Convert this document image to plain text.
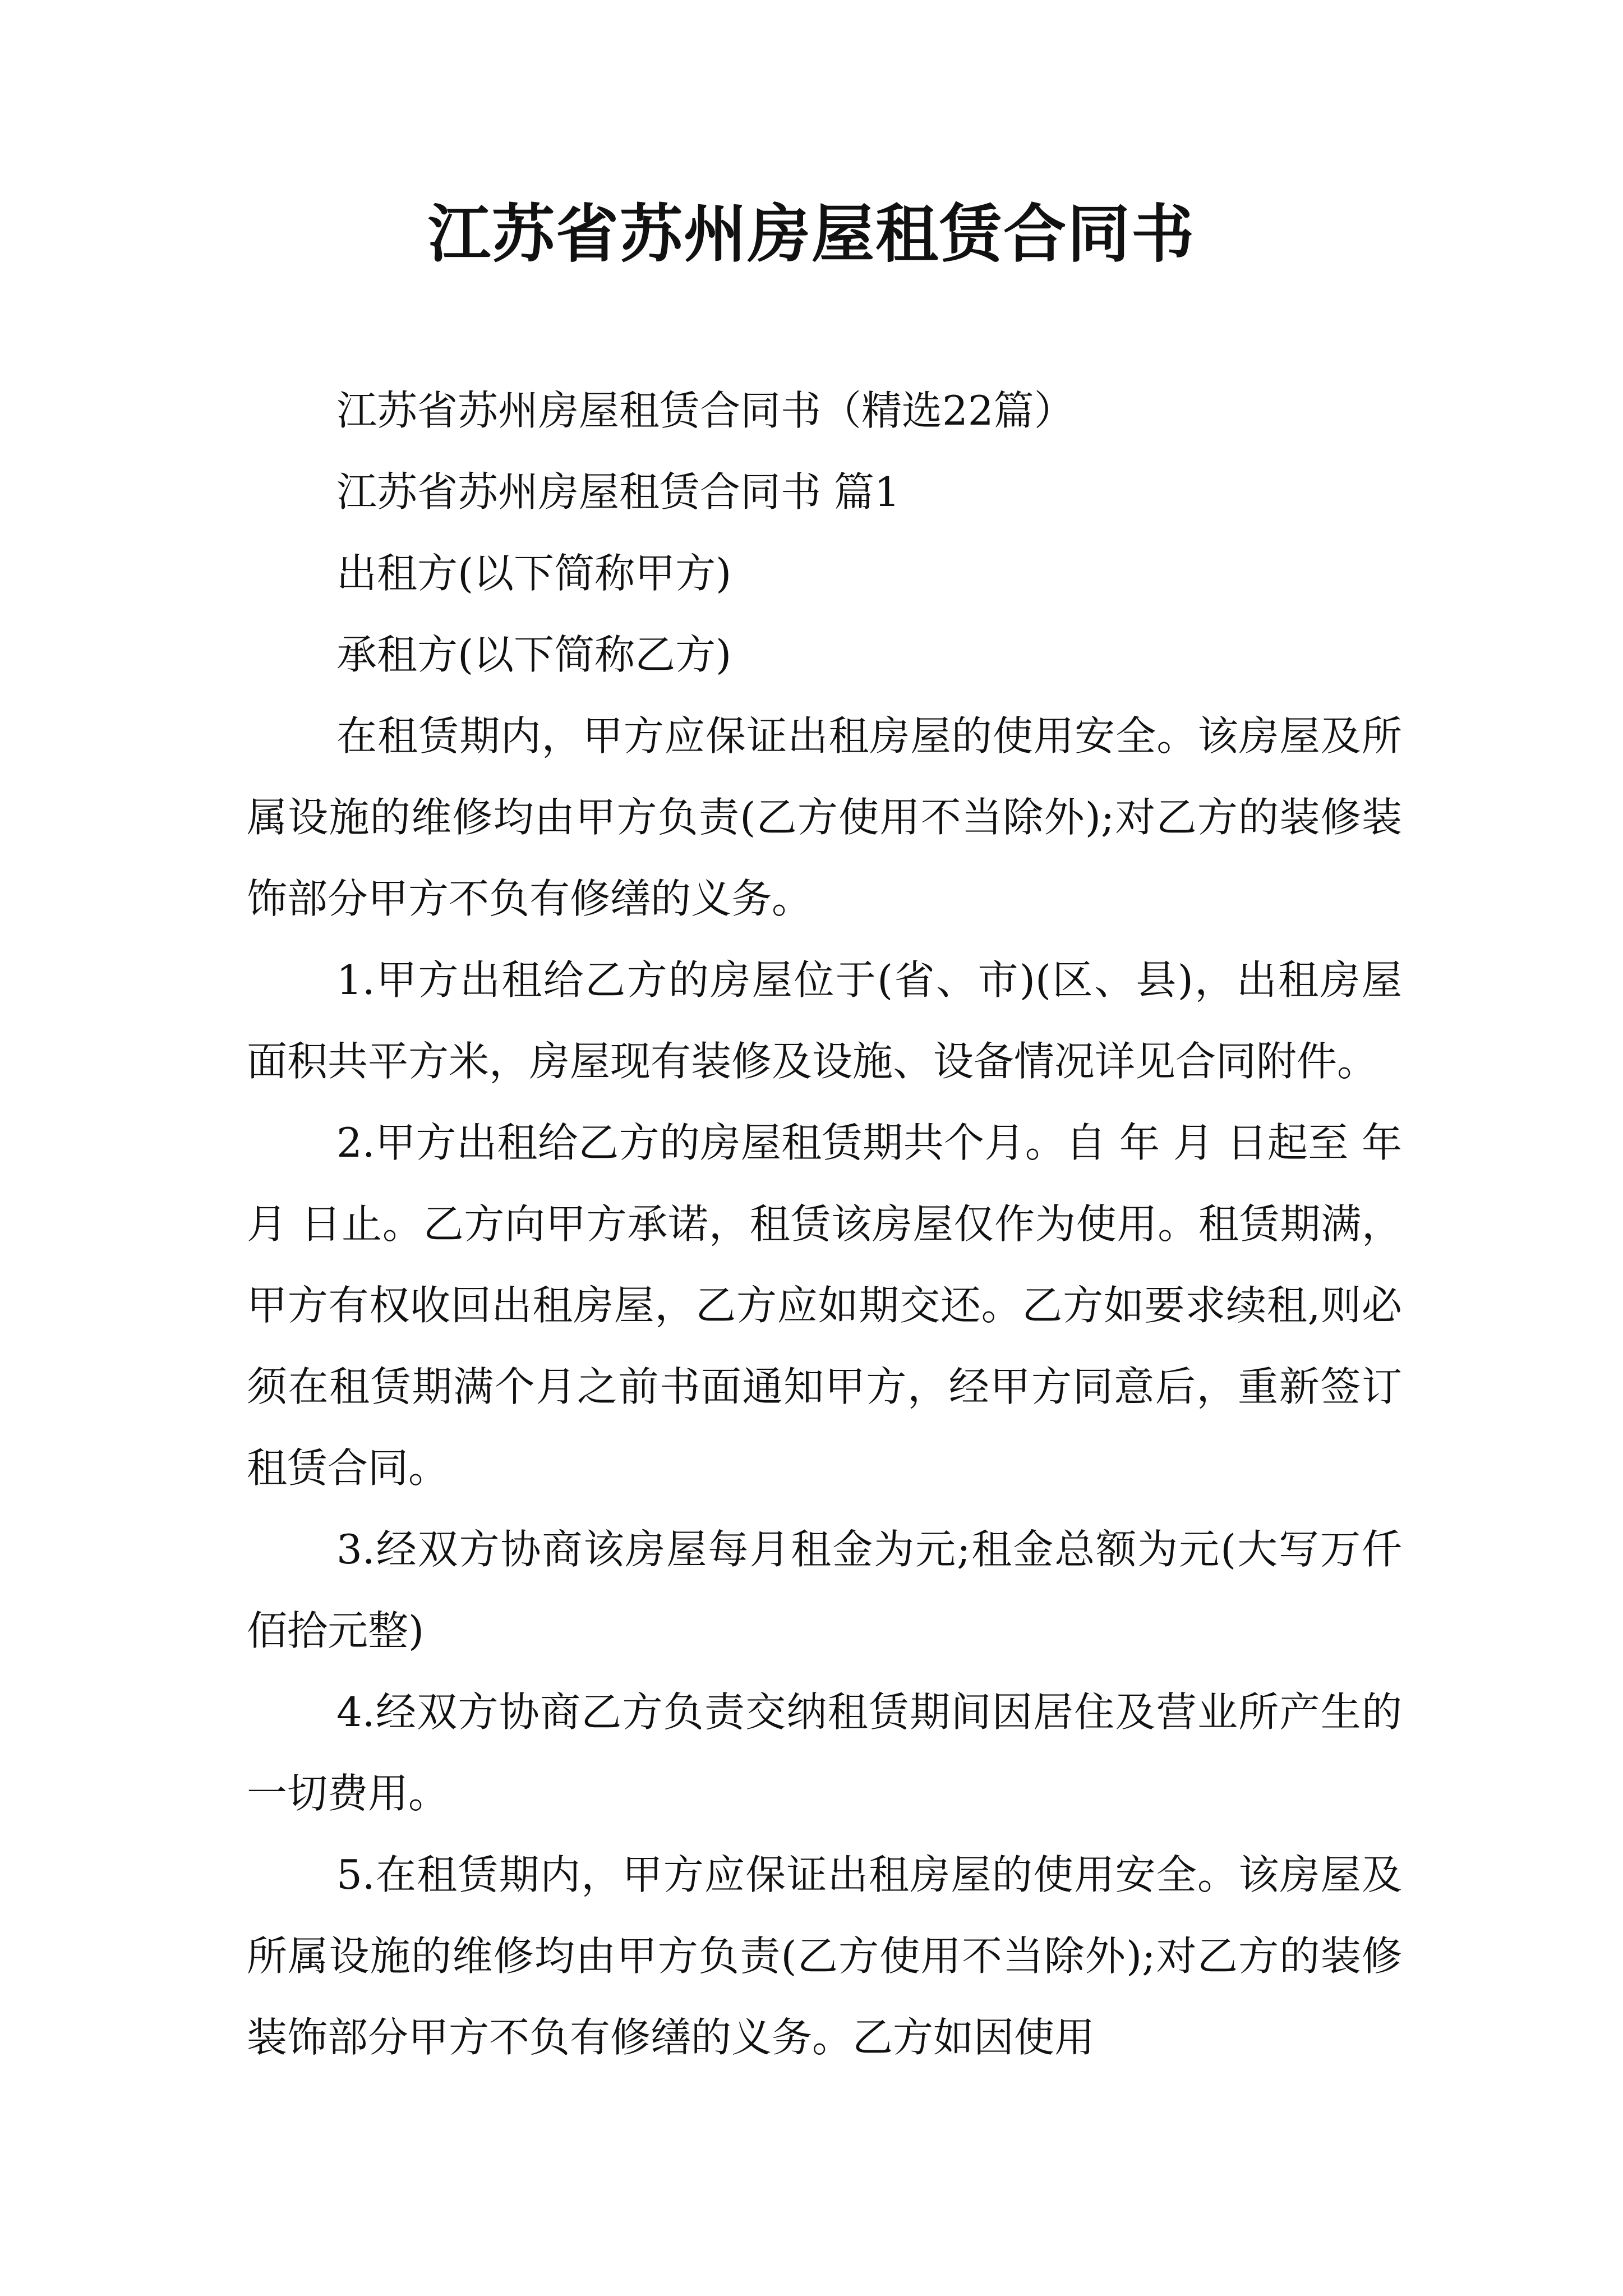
江苏省苏州房屋租赁合同书

江苏省苏州房屋租赁合同书（精选22篇）

江苏省苏州房屋租赁合同书 篇1

出租方(以下简称甲方)

承租方(以下简称乙方)

在租赁期内，甲方应保证出租房屋的使用安全。该房屋及所属设施的维修均由甲方负责(乙方使用不当除外);对乙方的装修装饰部分甲方不负有修缮的义务。

1.甲方出租给乙方的房屋位于(省、市)(区、县)，出租房屋面积共平方米，房屋现有装修及设施、设备情况详见合同附件。

2.甲方出租给乙方的房屋租赁期共个月。自 年 月 日起至 年 月 日止。乙方向甲方承诺，租赁该房屋仅作为使用。租赁期满，甲方有权收回出租房屋，乙方应如期交还。乙方如要求续租,则必须在租赁期满个月之前书面通知甲方，经甲方同意后，重新签订租赁合同。

3.经双方协商该房屋每月租金为元;租金总额为元(大写万仟佰拾元整)

4.经双方协商乙方负责交纳租赁期间因居住及营业所产生的一切费用。

5.在租赁期内，甲方应保证出租房屋的使用安全。该房屋及所属设施的维修均由甲方负责(乙方使用不当除外);对乙方的装修装饰部分甲方不负有修缮的义务。乙方如因使用
